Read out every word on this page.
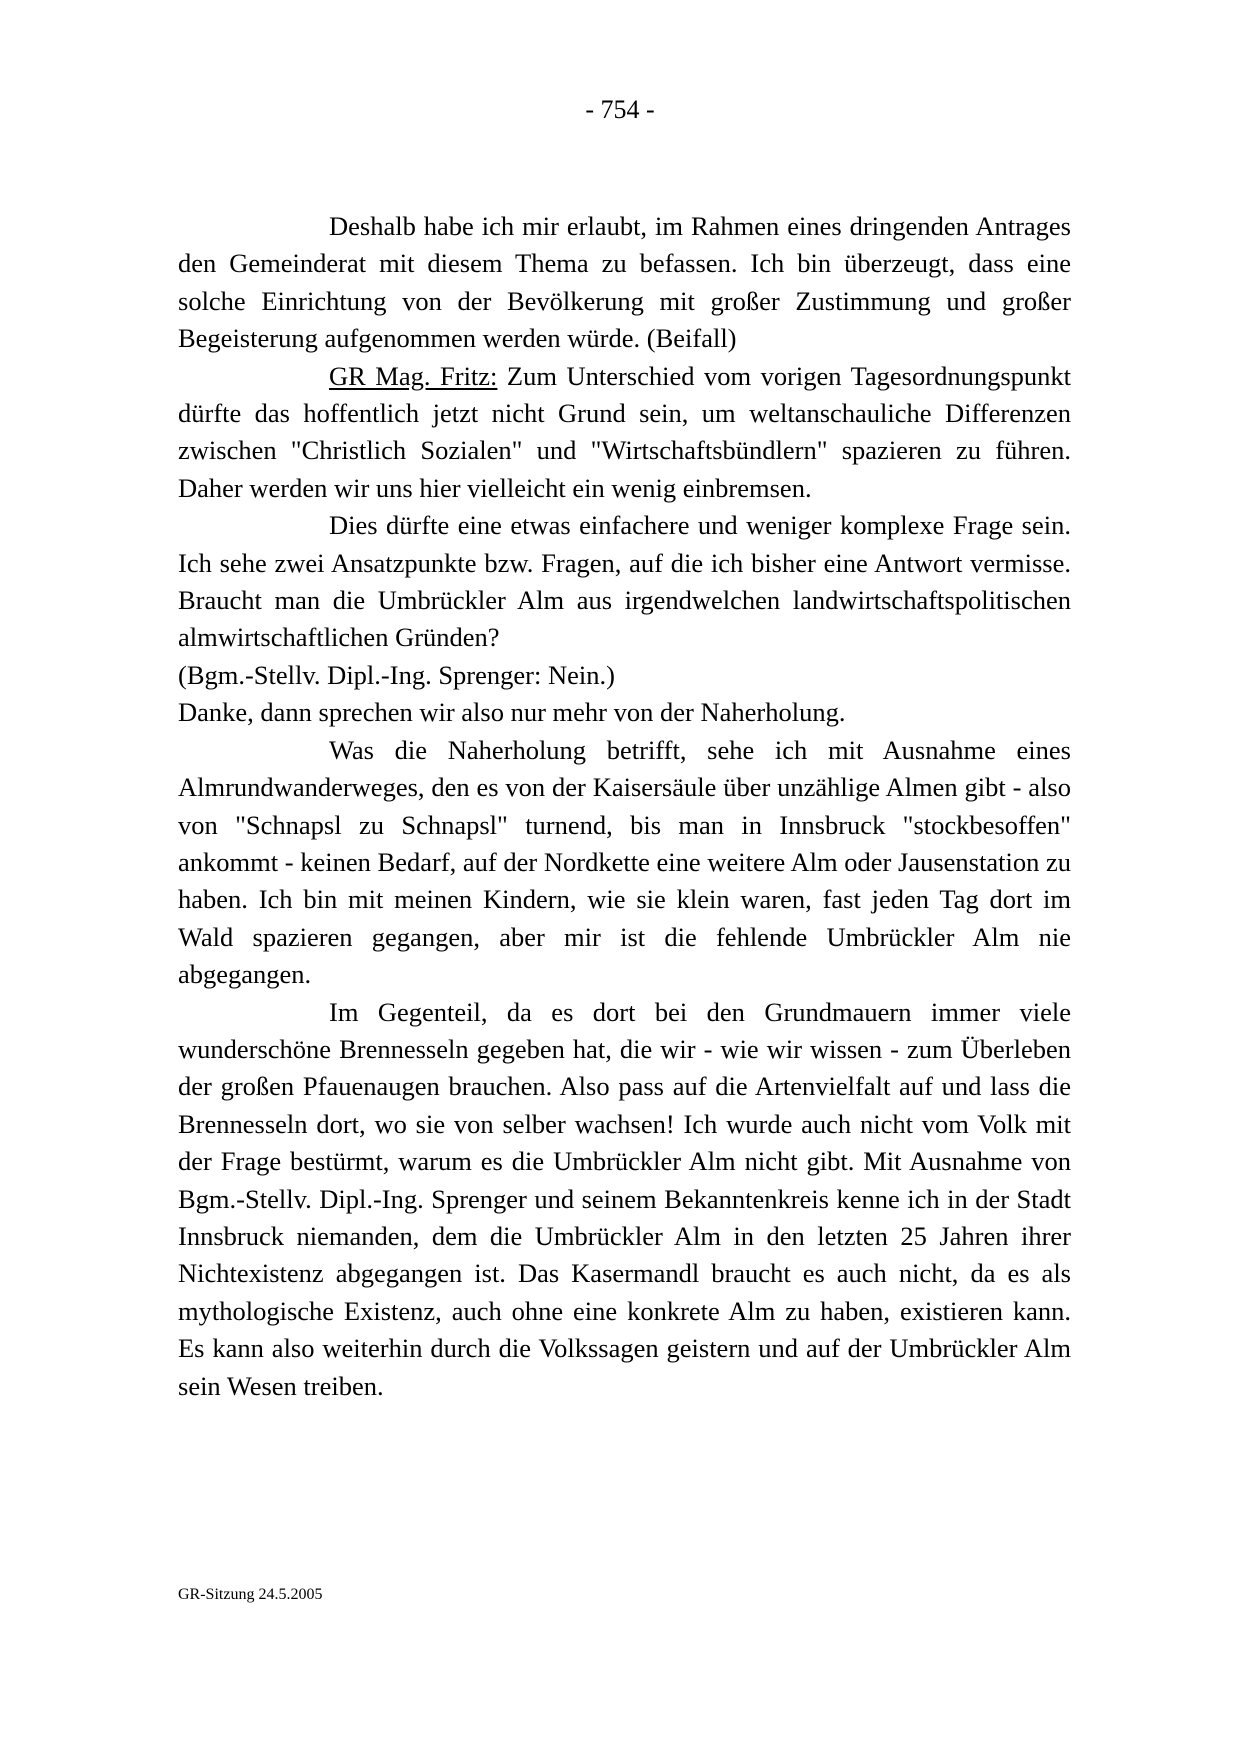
- 754 -

Deshalb habe ich mir erlaubt, im Rahmen eines dringenden Antrages den Gemeinderat mit diesem Thema zu befassen. Ich bin überzeugt, dass eine solche Einrichtung von der Bevölkerung mit großer Zustimmung und großer Begeisterung aufgenommen werden würde. (Beifall)

GR Mag. Fritz: Zum Unterschied vom vorigen Tagesordnungspunkt dürfte das hoffentlich jetzt nicht Grund sein, um weltanschauliche Differenzen zwischen "Christlich Sozialen" und "Wirtschaftsbündlern" spazieren zu führen. Daher werden wir uns hier vielleicht ein wenig einbremsen.

Dies dürfte eine etwas einfachere und weniger komplexe Frage sein. Ich sehe zwei Ansatzpunkte bzw. Fragen, auf die ich bisher eine Antwort vermisse. Braucht man die Umbrückler Alm aus irgendwelchen landwirtschaftspolitischen almwirtschaftlichen Gründen?

(Bgm.-Stellv. Dipl.-Ing. Sprenger: Nein.)

Danke, dann sprechen wir also nur mehr von der Naherholung.

Was die Naherholung betrifft, sehe ich mit Ausnahme eines Almrundwanderweges, den es von der Kaisersäule über unzählige Almen gibt - also von "Schnapsl zu Schnapsl" turnend, bis man in Innsbruck "stockbesoffen" ankommt - keinen Bedarf, auf der Nordkette eine weitere Alm oder Jausenstation zu haben. Ich bin mit meinen Kindern, wie sie klein waren, fast jeden Tag dort im Wald spazieren gegangen, aber mir ist die fehlende Umbrückler Alm nie abgegangen.

Im Gegenteil, da es dort bei den Grundmauern immer viele wunderschöne Brennesseln gegeben hat, die wir - wie wir wissen - zum Überleben der großen Pfauenaugen brauchen. Also pass auf die Artenvielfalt auf und lass die Brennesseln dort, wo sie von selber wachsen! Ich wurde auch nicht vom Volk mit der Frage bestürmt, warum es die Umbrückler Alm nicht gibt. Mit Ausnahme von Bgm.-Stellv. Dipl.-Ing. Sprenger und seinem Bekanntenkreis kenne ich in der Stadt Innsbruck niemanden, dem die Umbrückler Alm in den letzten 25 Jahren ihrer Nichtexistenz abgegangen ist. Das Kasermandl braucht es auch nicht, da es als mythologische Existenz, auch ohne eine konkrete Alm zu haben, existieren kann. Es kann also weiterhin durch die Volkssagen geistern und auf der Umbrückler Alm sein Wesen treiben.

GR-Sitzung 24.5.2005
